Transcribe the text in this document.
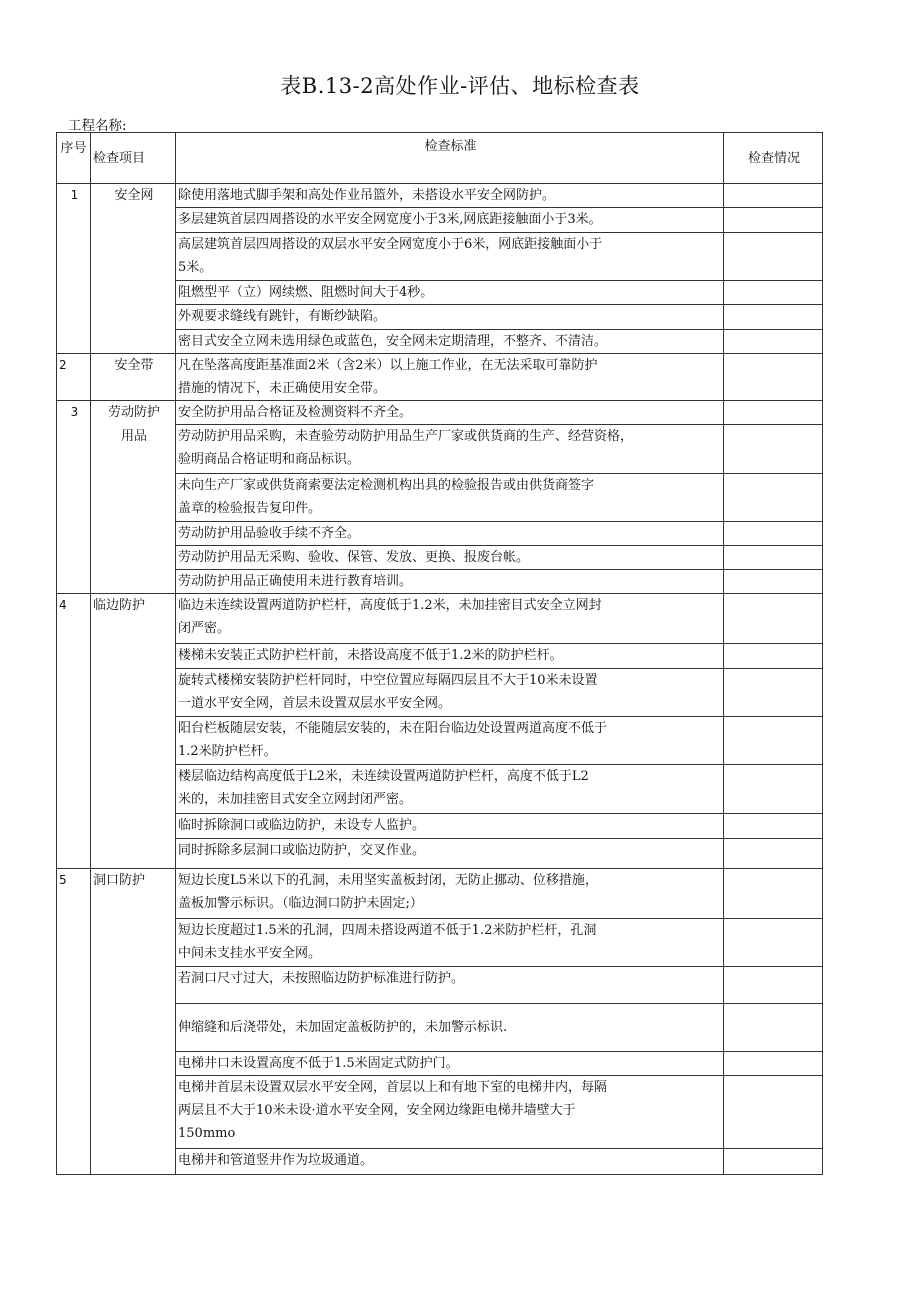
表B.13-2高处作业-评估、地标检查表
工程名称:
序号	检查项目	检查标准	检查情况
1	安全网	除使用落地式脚手架和高处作业吊篮外，未搭设水平安全网防护。	

		多层建筑首层四周搭设的水平安全网宽度小于3米,网底距接触面小于3米。	

		高层建筑首层四周搭设的双层水平安全网宽度小于6米，网底距接触面小于
5米。	

		阻燃型平（立）网续燃、阻燃时间大于4秒。	

		外观要求缝线有跳针，有断纱缺陷。	

		密目式安全立网未选用绿色或蓝色，安全网未定期清理，不整齐、不清洁。	

2	安全带	凡在坠落高度距基准面2米（含2米）以上施工作业，在无法采取可靠防护
措施的情况下，未正确使用安全带。	

3	劳动防护用品	安全防护用品合格证及检测资料不齐全。	

		劳动防护用品采购，未查验劳动防护用品生产厂家或供货商的生产、经营资格，
验明商品合格证明和商品标识。	

		未向生产厂家或供货商索要法定检测机构出具的检验报告或由供货商签字
盖章的检验报告复印件。	

		劳动防护用品验收手续不齐全。	

		劳动防护用品无采购、验收、保管、发放、更换、报废台帐。	

		劳动防护用品正确使用未进行教育培训。	

4	临边防护	临边未连续设置两道防护栏杆，高度低于1.2米，未加挂密目式安全立网封
闭严密。	

		楼梯未安装正式防护栏杆前，未搭设高度不低于1.2米的防护栏杆。	

		旋转式楼梯安装防护栏杆同时，中空位置应每隔四层且不大于10米未设置
一道水平安全网，首层未设置双层水平安全网。	

		阳台栏板随层安装，不能随层安装的，未在阳台临边处设置两道高度不低于
1.2米防护栏杆。	

		楼层临边结构高度低于L2米，未连续设置两道防护栏杆，高度不低于L2
米的，未加挂密目式安全立网封闭严密。	

		临时拆除洞口或临边防护，未设专人监护。	

		同时拆除多层洞口或临边防护，交叉作业。	

5	洞口防护	短边长度L5米以下的孔洞，未用坚实盖板封闭，无防止挪动、位移措施，
盖板加警示标识。（临边洞口防护未固定;）	

		短边长度超过1.5米的孔洞，四周未搭设两道不低于1.2米防护栏杆，孔洞
中间未支挂水平安全网。	

		若洞口尺寸过大，未按照临边防护标准进行防护。	

		伸缩缝和后浇带处，未加固定盖板防护的，未加警示标识.	

		电梯井口未设置高度不低于1.5米固定式防护门。	

		电梯井首层未设置双层水平安全网，首层以上和有地下室的电梯井内，每隔
两层且不大于10米未设·道水平安全网，安全网边缘距电梯井墙壁大于
150mmo	

		电梯井和管道竖井作为垃圾通道。	
